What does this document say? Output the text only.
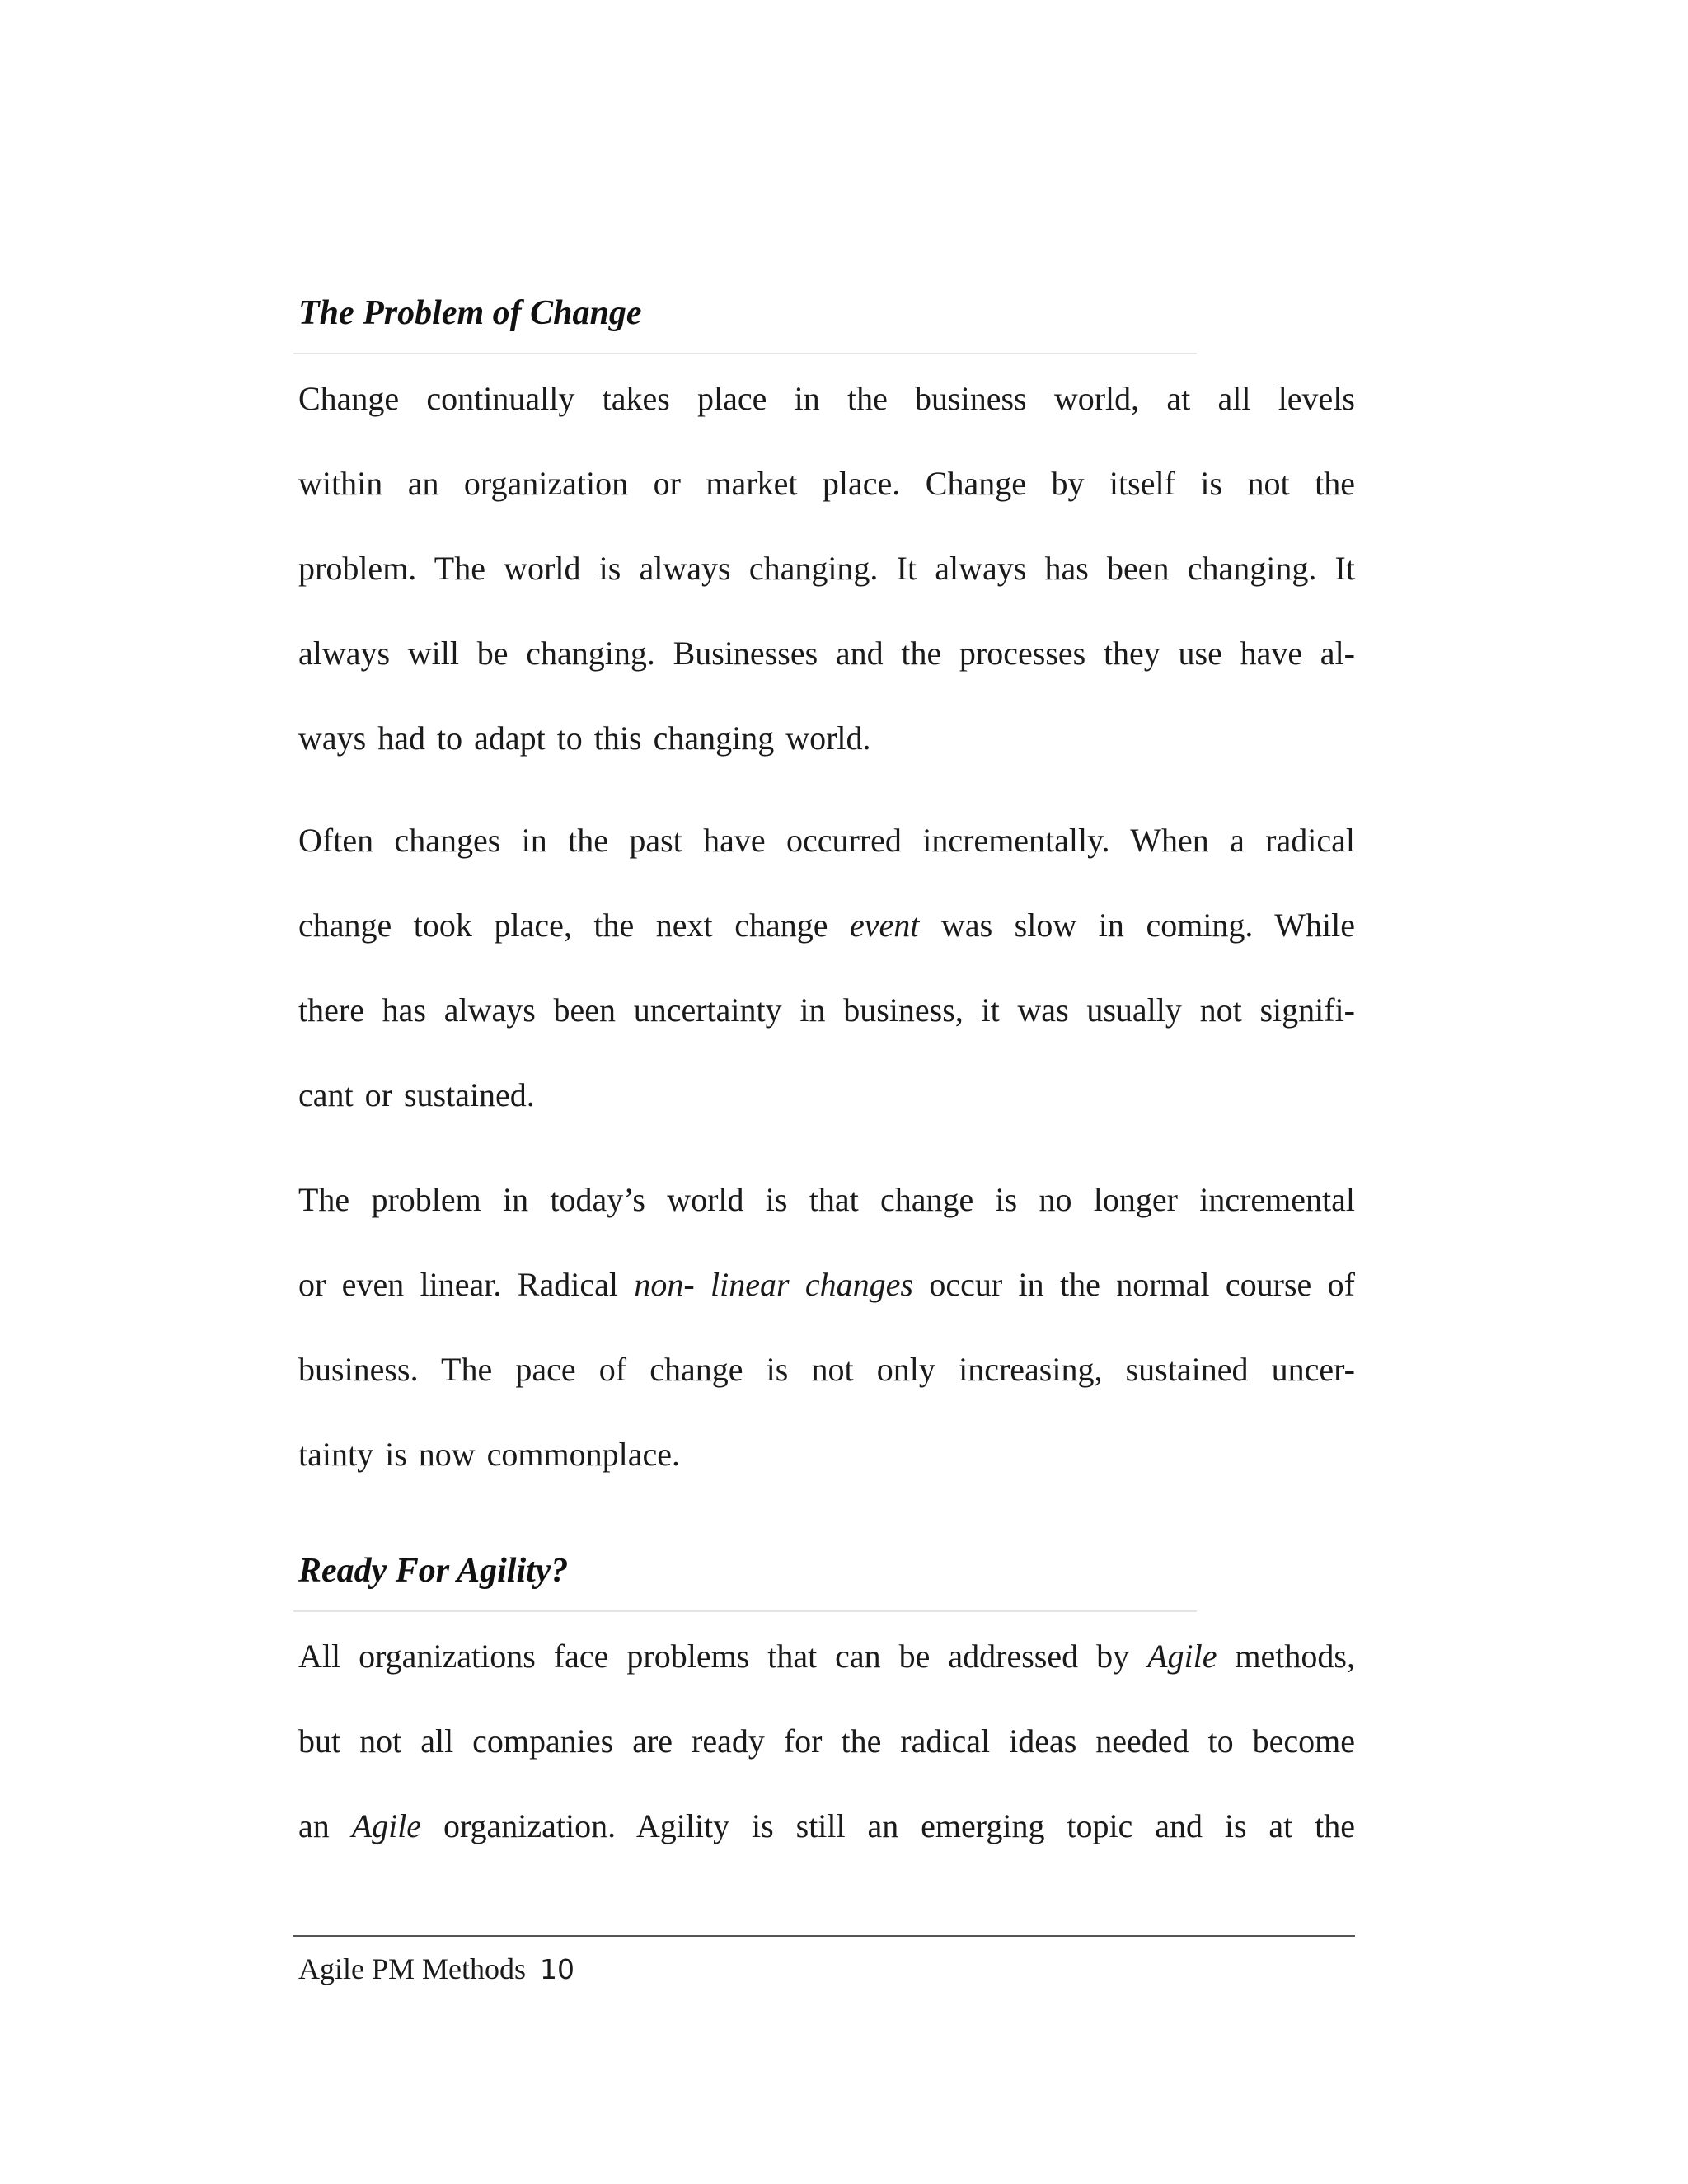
The Problem of Change
Change continually takes place in the business world, at all levels
within an organization or market place. Change by itself is not the
problem. The world is always changing. It always has been changing. It
always will be changing. Businesses and the processes they use have al-
ways had to adapt to this changing world.
Often changes in the past have occurred incrementally. When a radical
change took place, the next change event was slow in coming. While
there has always been uncertainty in business, it was usually not signifi-
cant or sustained.
The problem in today’s world is that change is no longer incremental
or even linear. Radical non- linear changes occur in the normal course of
business. The pace of change is not only increasing, sustained uncer-
tainty is now commonplace.
Ready For Agility?
All organizations face problems that can be addressed by Agile methods,
but not all companies are ready for the radical ideas needed to become
an Agile organization. Agility is still an emerging topic and is at the
Agile PM Methods 10
